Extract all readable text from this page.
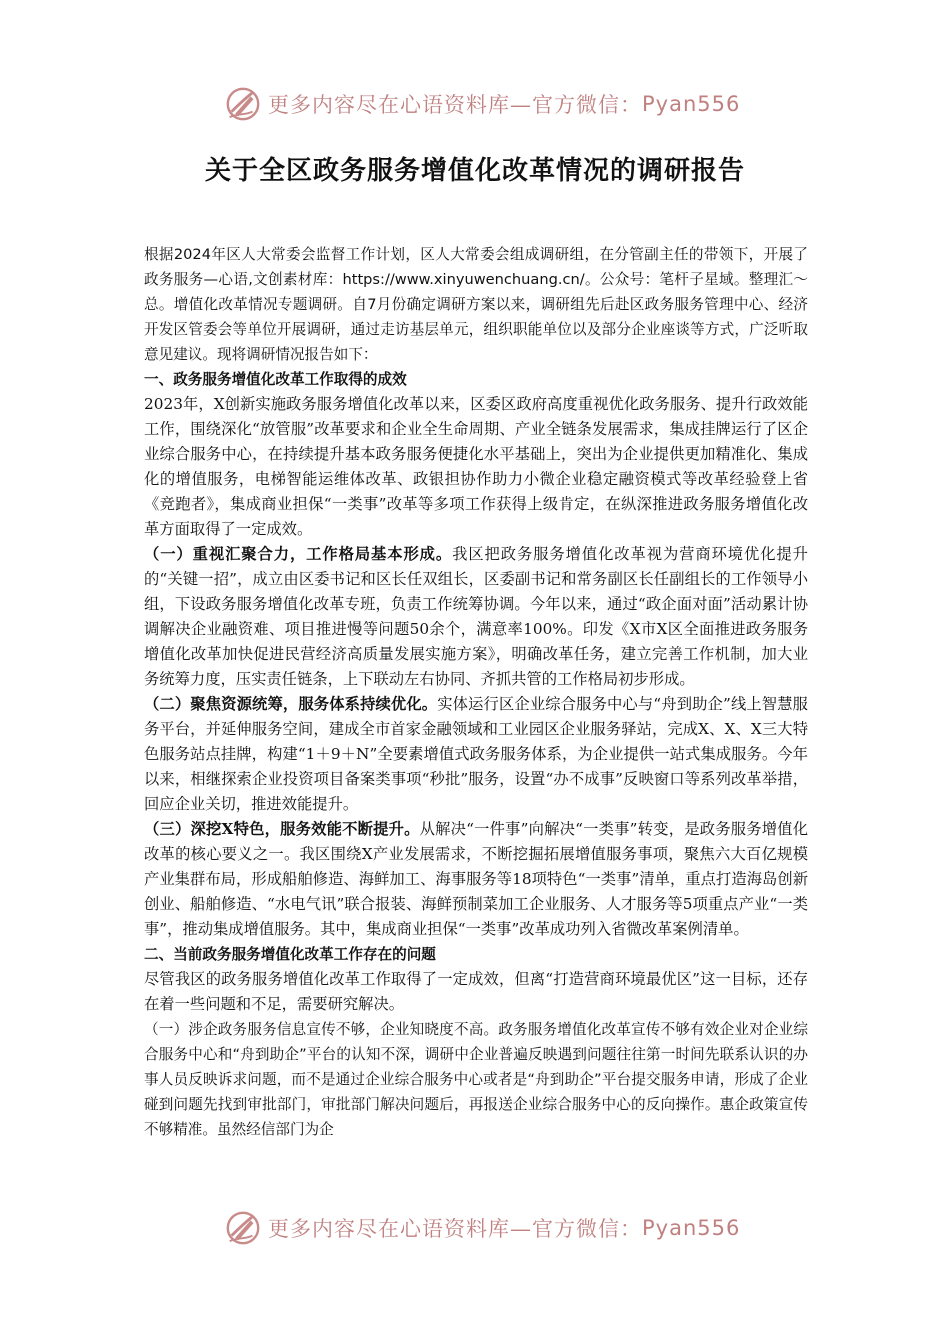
更多内容尽在心语资料库—官方微信： Pyan556
关于全区政务服务增值化改革情况的调研报告

根据2024年区人大常委会监督工作计划，区人大常委会组成调研组，在分管副主任的带领下，开展了政务服务—心语,文创素材库：https://www.xinyuwenchuang.cn/。公众号：笔杆子星域。整理汇～总。增值化改革情况专题调研。自7月份确定调研方案以来，调研组先后赴区政务服务管理中心、经济开发区管委会等单位开展调研，通过走访基层单元，组织职能单位以及部分企业座谈等方式，广泛听取意见建议。现将调研情况报告如下：

一、政务服务增值化改革工作取得的成效

2023年，X创新实施政务服务增值化改革以来，区委区政府高度重视优化政务服务、提升行政效能工作，围绕深化“放管服”改革要求和企业全生命周期、产业全链条发展需求，集成挂牌运行了区企业综合服务中心，在持续提升基本政务服务便捷化水平基础上，突出为企业提供更加精准化、集成化的增值服务，电梯智能运维体改革、政银担协作助力小微企业稳定融资模式等改革经验登上省《竞跑者》，集成商业担保“一类事”改革等多项工作获得上级肯定，在纵深推进政务服务增值化改革方面取得了一定成效。

（一）重视汇聚合力，工作格局基本形成。我区把政务服务增值化改革视为营商环境优化提升的“关键一招”，成立由区委书记和区长任双组长，区委副书记和常务副区长任副组长的工作领导小组，下设政务服务增值化改革专班，负责工作统筹协调。今年以来，通过“政企面对面”活动累计协调解决企业融资难、项目推进慢等问题50余个，满意率100%。印发《X市X区全面推进政务服务增值化改革加快促进民营经济高质量发展实施方案》，明确改革任务，建立完善工作机制，加大业务统筹力度，压实责任链条，上下联动左右协同、齐抓共管的工作格局初步形成。

（二）聚焦资源统筹，服务体系持续优化。实体运行区企业综合服务中心与“舟到助企”线上智慧服务平台，并延伸服务空间，建成全市首家金融领域和工业园区企业服务驿站，完成X、X、X三大特色服务站点挂牌，构建“1＋9＋N”全要素增值式政务服务体系，为企业提供一站式集成服务。今年以来，相继探索企业投资项目备案类事项“秒批”服务，设置“办不成事”反映窗口等系列改革举措，回应企业关切，推进效能提升。

（三）深挖X特色，服务效能不断提升。从解决“一件事”向解决“一类事”转变，是政务服务增值化改革的核心要义之一。我区围绕X产业发展需求，不断挖掘拓展增值服务事项，聚焦六大百亿规模产业集群布局，形成船舶修造、海鲜加工、海事服务等18项特色“一类事”清单，重点打造海岛创新创业、船舶修造、“水电气讯”联合报装、海鲜预制菜加工企业服务、人才服务等5项重点产业“一类事”，推动集成增值服务。其中，集成商业担保“一类事”改革成功列入省微改革案例清单。

二、当前政务服务增值化改革工作存在的问题

尽管我区的政务服务增值化改革工作取得了一定成效，但离“打造营商环境最优区”这一目标，还存在着一些问题和不足，需要研究解决。

（一）涉企政务服务信息宣传不够，企业知晓度不高。政务服务增值化改革宣传不够有效企业对企业综合服务中心和“舟到助企”平台的认知不深，调研中企业普遍反映遇到问题往往第一时间先联系认识的办事人员反映诉求问题，而不是通过企业综合服务中心或者是“舟到助企”平台提交服务申请，形成了企业碰到问题先找到审批部门，审批部门解决问题后，再报送企业综合服务中心的反向操作。惠企政策宣传不够精准。虽然经信部门为企

更多内容尽在心语资料库—官方微信： Pyan556
